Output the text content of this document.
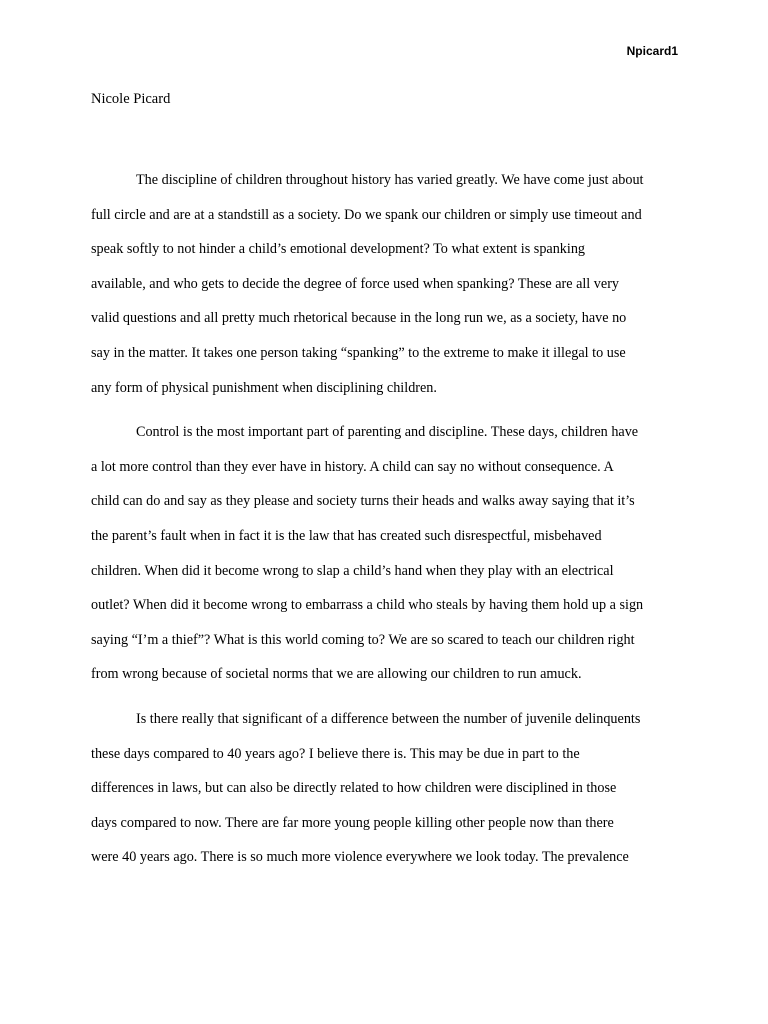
Npicard1
Nicole Picard
The discipline of children throughout history has varied greatly. We have come just about
full circle and are at a standstill as a society. Do we spank our children or simply use timeout and
speak softly to not hinder a child’s emotional development? To what extent is spanking
available, and who gets to decide the degree of force used when spanking? These are all very
valid questions and all pretty much rhetorical because in the long run we, as a society, have no
say in the matter. It takes one person taking “spanking” to the extreme to make it illegal to use
any form of physical punishment when disciplining children.
Control is the most important part of parenting and discipline. These days, children have
a lot more control than they ever have in history. A child can say no without consequence. A
child can do and say as they please and society turns their heads and walks away saying that it’s
the parent’s fault when in fact it is the law that has created such disrespectful, misbehaved
children. When did it become wrong to slap a child’s hand when they play with an electrical
outlet? When did it become wrong to embarrass a child who steals by having them hold up a sign
saying “I’m a thief”? What is this world coming to? We are so scared to teach our children right
from wrong because of societal norms that we are allowing our children to run amuck.
Is there really that significant of a difference between the number of juvenile delinquents
these days compared to 40 years ago? I believe there is. This may be due in part to the
differences in laws, but can also be directly related to how children were disciplined in those
days compared to now. There are far more young people killing other people now than there
were 40 years ago. There is so much more violence everywhere we look today. The prevalence
